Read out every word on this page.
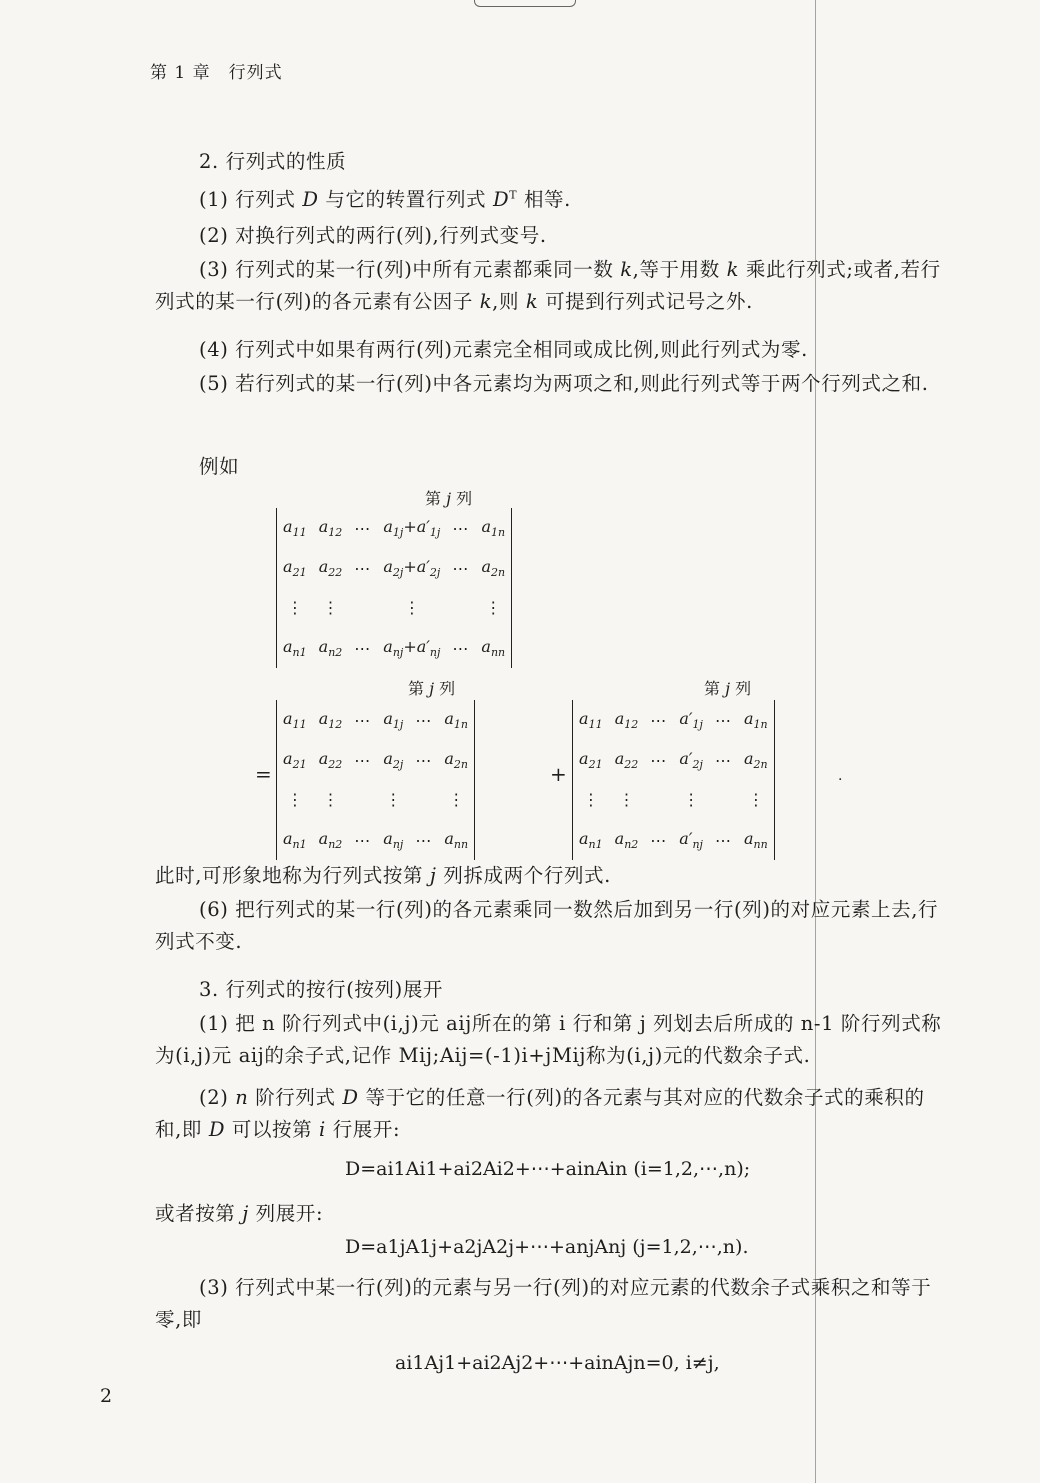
第 1 章 行列式
2. 行列式的性质
(1) 行列式 D 与它的转置行列式 $D^T$ 相等.
(2) 对换行列式的两行(列),行列式变号.
(3) 行列式的某一行(列)中所有元素都乘同一数 k,等于用数 k 乘此行列式;或者,若行列式的某一行(列)的各元素有公因子 k,则 k 可提到行列式记号之外.
(4) 行列式中如果有两行(列)元素完全相同或成比例,则此行列式为零.
(5) 若行列式的某一行(列)中各元素均为两项之和,则此行列式等于两个行列式之和.
例如
第 j 列
$a_{11}$	$a_{12}$	⋯	$a_{1j}+a'_{1j}$	⋯	$a_{1n}$
$a_{21}$	$a_{22}$	⋯	$a_{2j}+a'_{2j}$	⋯	$a_{2n}$
⋮	⋮		⋮		⋮
$a_{n1}$	$a_{n2}$	⋯	$a_{nj}+a'_{nj}$	⋯	$a_{nn}$
第 j 列	第 j 列
=
$a_{11}$	$a_{12}$	⋯	$a_{1j}$	⋯	$a_{1n}$
$a_{21}$	$a_{22}$	⋯	$a_{2j}$	⋯	$a_{2n}$
⋮	⋮		⋮		⋮
$a_{n1}$	$a_{n2}$	⋯	$a_{nj}$	⋯	$a_{nn}$
+
$a_{11}$	$a_{12}$	⋯	$a'_{1j}$	⋯	$a_{1n}$
$a_{21}$	$a_{22}$	⋯	$a'_{2j}$	⋯	$a_{2n}$
⋮	⋮		⋮		⋮
$a_{n1}$	$a_{n2}$	⋯	$a'_{nj}$	⋯	$a_{nn}$
.
此时,可形象地称为行列式按第 j 列拆成两个行列式.
(6) 把行列式的某一行(列)的各元素乘同一数然后加到另一行(列)的对应元素上去,行列式不变.
3. 行列式的按行(按列)展开
(1) 把 n 阶行列式中(i,j)元 aij所在的第 i 行和第 j 列划去后所成的 n-1 阶行列式称为(i,j)元 aij的余子式,记作 Mij;Aij=(-1)i+jMij称为(i,j)元的代数余子式.
(2) n 阶行列式 D 等于它的任意一行(列)的各元素与其对应的代数余子式的乘积的和,即 D 可以按第 i 行展开:
D=ai1Ai1+ai2Ai2+⋯+ainAin (i=1,2,⋯,n);
或者按第 j 列展开:
D=a1jA1j+a2jA2j+⋯+anjAnj (j=1,2,⋯,n).
(3) 行列式中某一行(列)的元素与另一行(列)的对应元素的代数余子式乘积之和等于零,即
ai1Aj1+ai2Aj2+⋯+ainAjn=0, i≠j,
2
